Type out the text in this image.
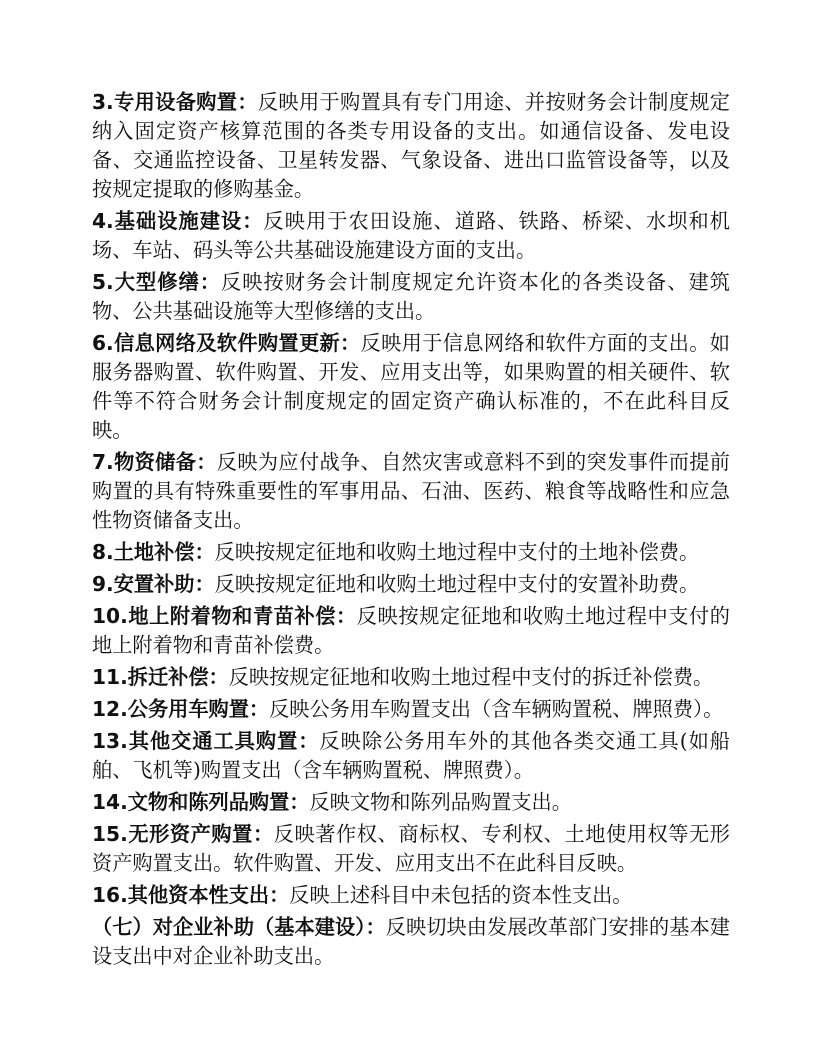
3.专用设备购置：反映用于购置具有专门用途、并按财务会计制度规定纳入固定资产核算范围的各类专用设备的支出。如通信设备、发电设备、交通监控设备、卫星转发器、气象设备、进出口监管设备等，以及按规定提取的修购基金。

4.基础设施建设：反映用于农田设施、道路、铁路、桥梁、水坝和机场、车站、码头等公共基础设施建设方面的支出。

5.大型修缮：反映按财务会计制度规定允许资本化的各类设备、建筑物、公共基础设施等大型修缮的支出。

6.信息网络及软件购置更新：反映用于信息网络和软件方面的支出。如服务器购置、软件购置、开发、应用支出等，如果购置的相关硬件、软件等不符合财务会计制度规定的固定资产确认标准的，不在此科目反映。

7.物资储备：反映为应付战争、自然灾害或意料不到的突发事件而提前购置的具有特殊重要性的军事用品、石油、医药、粮食等战略性和应急性物资储备支出。

8.土地补偿：反映按规定征地和收购土地过程中支付的土地补偿费。

9.安置补助：反映按规定征地和收购土地过程中支付的安置补助费。

10.地上附着物和青苗补偿：反映按规定征地和收购土地过程中支付的地上附着物和青苗补偿费。

11.拆迁补偿：反映按规定征地和收购土地过程中支付的拆迁补偿费。

12.公务用车购置：反映公务用车购置支出（含车辆购置税、牌照费）。

13.其他交通工具购置：反映除公务用车外的其他各类交通工具(如船舶、飞机等)购置支出（含车辆购置税、牌照费）。

14.文物和陈列品购置：反映文物和陈列品购置支出。

15.无形资产购置：反映著作权、商标权、专利权、土地使用权等无形资产购置支出。软件购置、开发、应用支出不在此科目反映。

16.其他资本性支出：反映上述科目中未包括的资本性支出。

（七）对企业补助（基本建设）：反映切块由发展改革部门安排的基本建设支出中对企业补助支出。
